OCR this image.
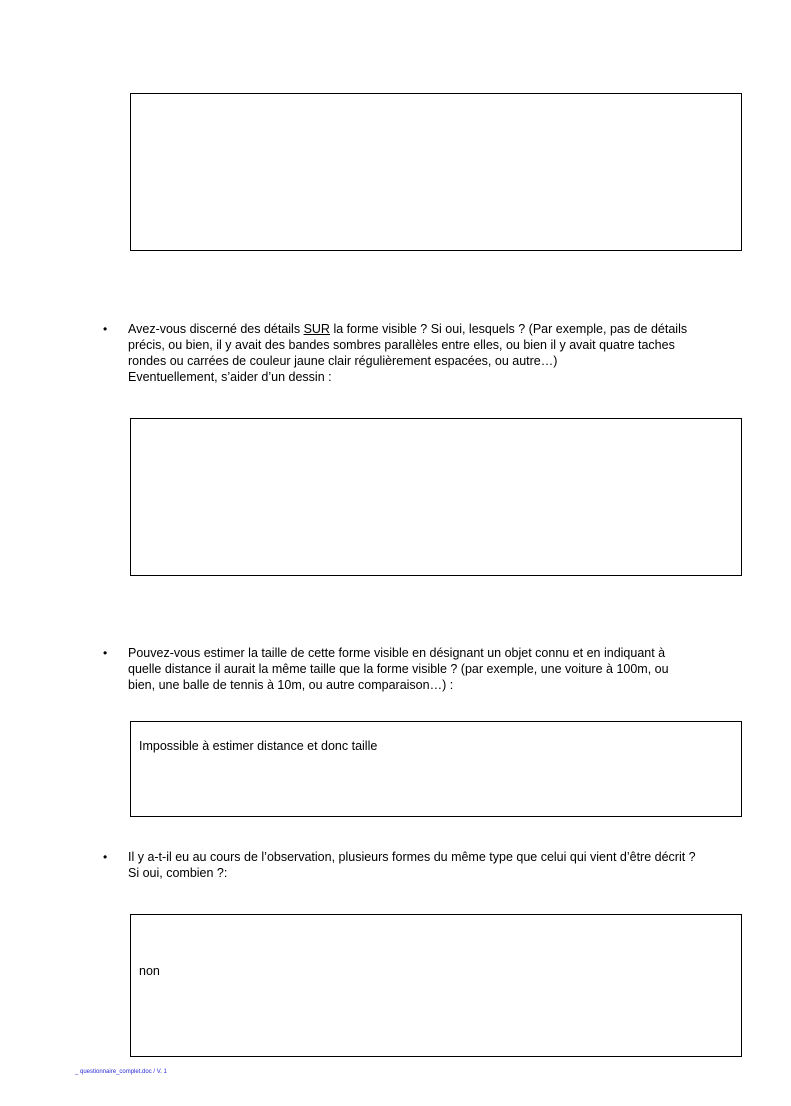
• Avez-vous discerné des détails SUR la forme visible ? Si oui, lesquels ? (Par exemple, pas de détails

précis, ou bien, il y avait des bandes sombres parallèles entre elles, ou bien il y avait quatre taches

rondes ou carrées de couleur jaune clair régulièrement espacées, ou autre…)

Eventuellement, s’aider d’un dessin :

• Pouvez-vous estimer la taille de cette forme visible en désignant un objet connu et en indiquant à

quelle distance il aurait la même taille que la forme visible ? (par exemple, une voiture à 100m, ou

bien, une balle de tennis à 10m, ou autre comparaison…) :

Impossible à estimer distance et donc taille
• Il y a-t-il eu au cours de l’observation, plusieurs formes du même type que celui qui vient d’être décrit ?

Si oui, combien ?:

non
_ questionnaire_complet.doc / V. 1
